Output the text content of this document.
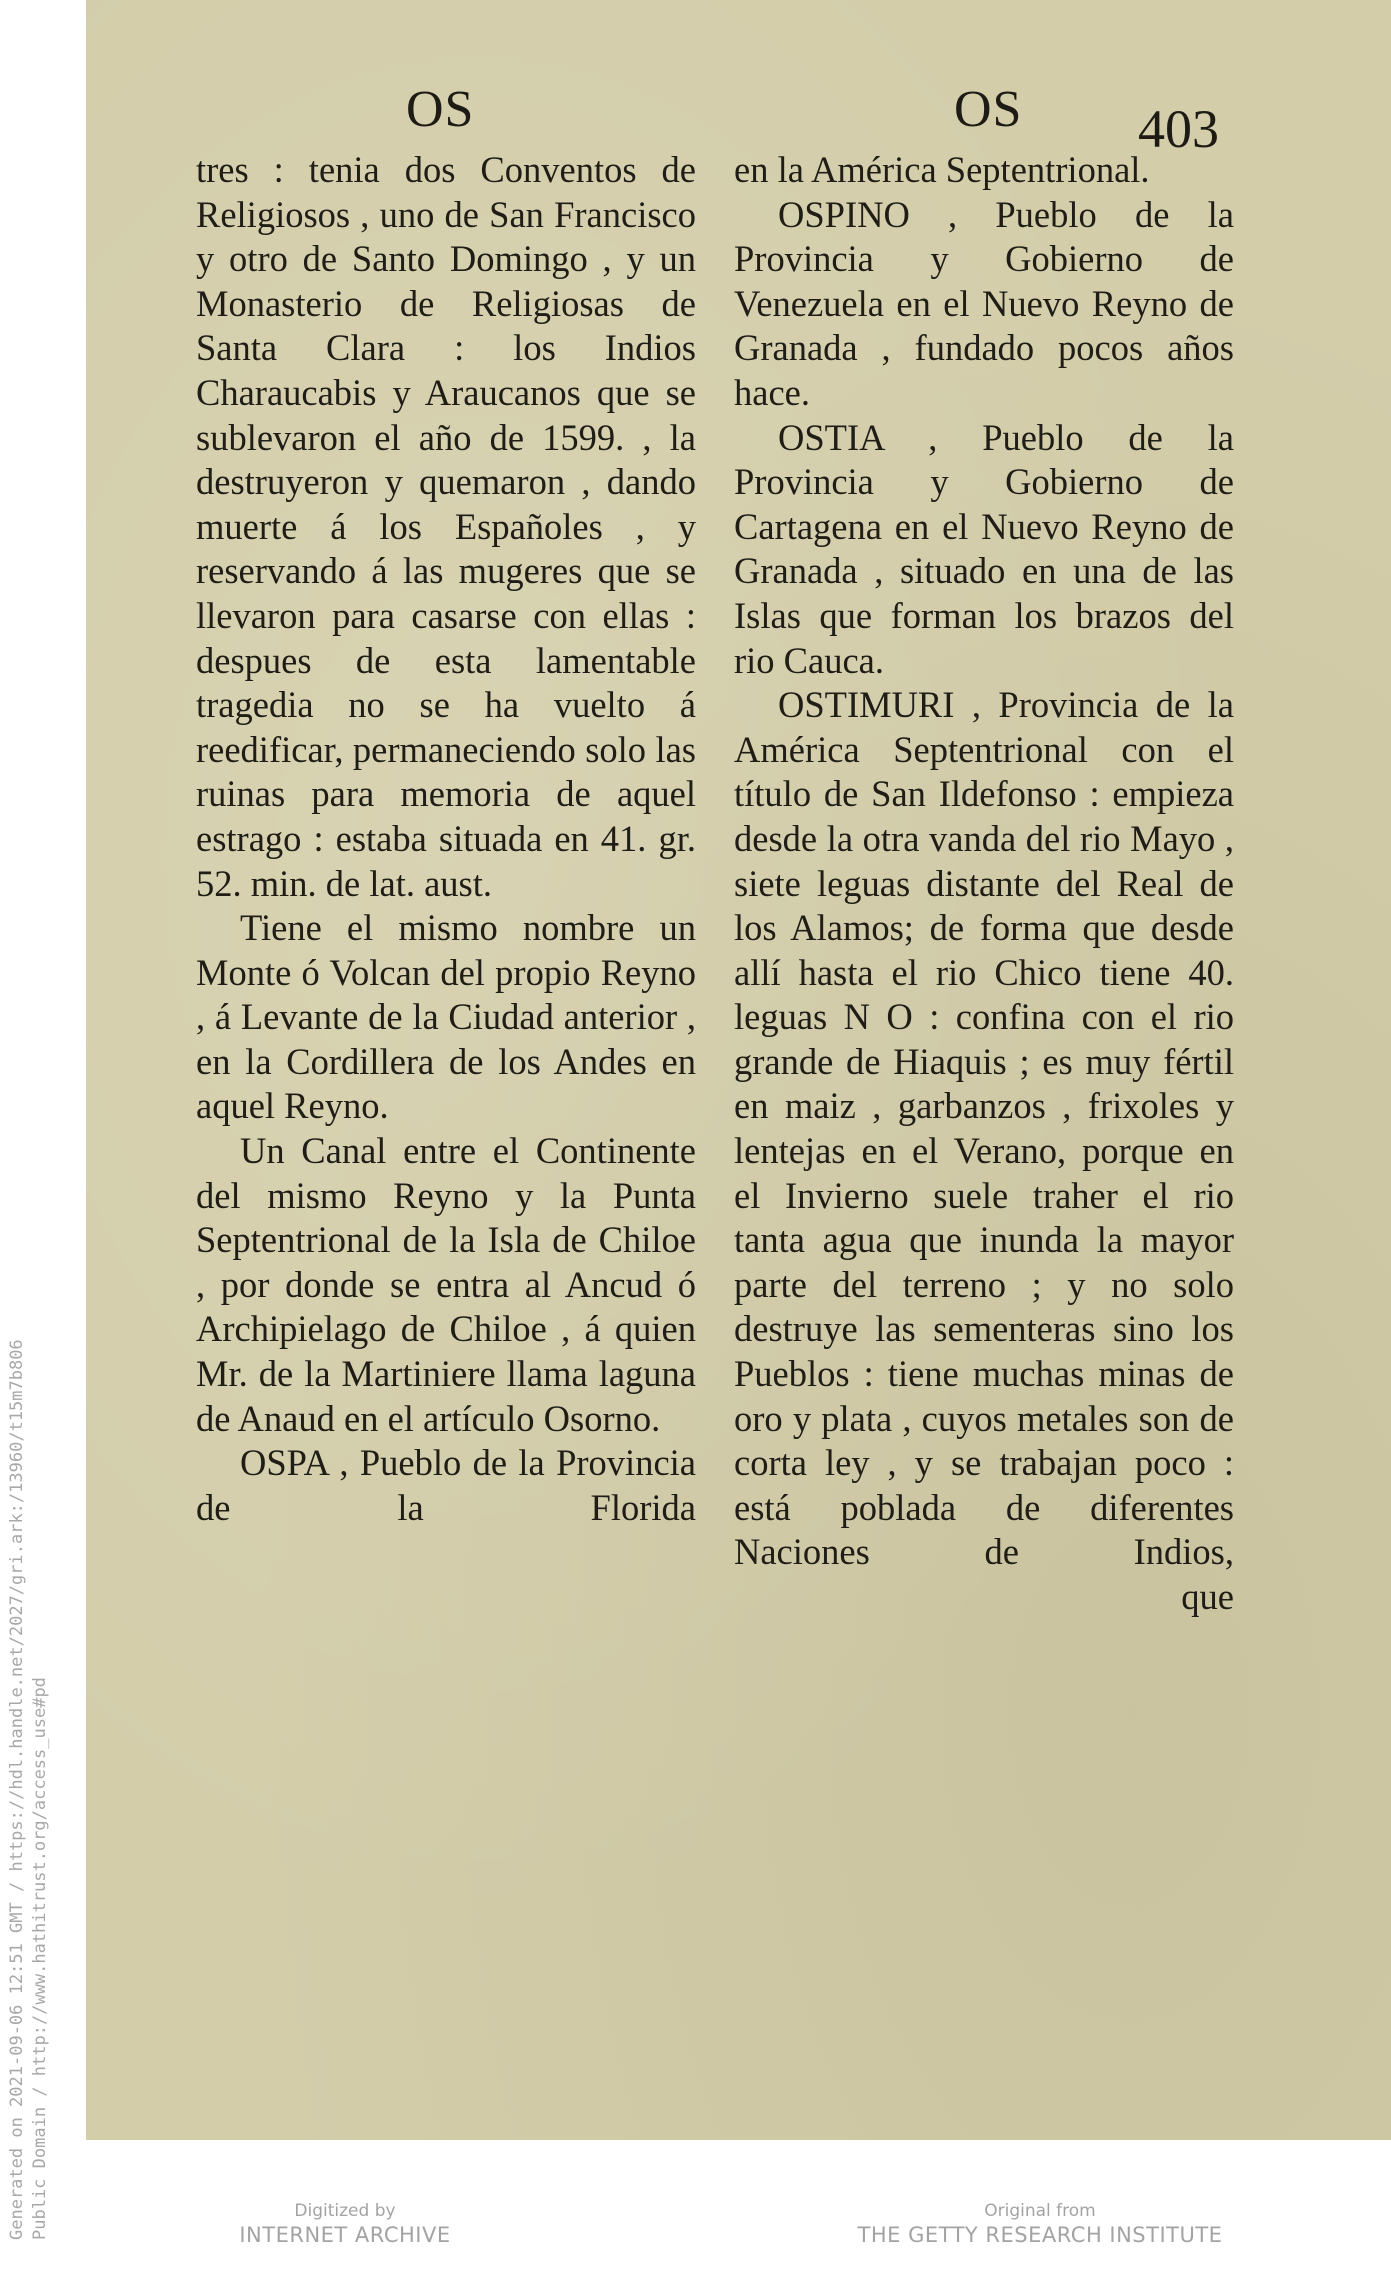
Generated on 2021-09-06 12:51 GMT / https://hdl.handle.net/2027/gri.ark:/13960/t15m7b806 Public Domain / http://www.hathitrust.org/access_use#pd
OS	OS 403

tres : tenia dos Conventos de Religiosos , uno de San Francisco y otro de Santo Domingo , y un Monasterio de Religiosas de Santa Clara : los Indios Charaucabis y Araucanos que se sublevaron el año de 1599. , la destruyeron y quemaron , dando muerte á los Españoles , y reservando á las mugeres que se llevaron para casarse con ellas : despues de esta lamentable tragedia no se ha vuelto á reedificar, permaneciendo solo las ruinas para memoria de aquel estrago : estaba situada en 41. gr. 52. min. de lat. aust.

Tiene el mismo nombre un Monte ó Volcan del propio Reyno , á Levante de la Ciudad anterior , en la Cordillera de los Andes en aquel Reyno.

Un Canal entre el Continente del mismo Reyno y la Punta Septentrional de la Isla de Chiloe , por donde se entra al Ancud ó Archipielago de Chiloe , á quien Mr. de la Martiniere llama laguna de Anaud en el artículo Osorno.

OSPA , Pueblo de la Provincia de la Florida

en la América Septentrional.

OSPINO , Pueblo de la Provincia y Gobierno de Venezuela en el Nuevo Reyno de Granada , fundado pocos años hace.

OSTIA , Pueblo de la Provincia y Gobierno de Cartagena en el Nuevo Reyno de Granada , situado en una de las Islas que forman los brazos del rio Cauca.

OSTIMURI , Provincia de la América Septentrional con el título de San Ildefonso : empieza desde la otra vanda del rio Mayo , siete leguas distante del Real de los Alamos; de forma que desde allí hasta el rio Chico tiene 40. leguas N O : confina con el rio grande de Hiaquis ; es muy fértil en maiz , garbanzos , frixoles y lentejas en el Verano, porque en el Invierno suele traher el rio tanta agua que inunda la mayor parte del terreno ; y no solo destruye las sementeras sino los Pueblos : tiene muchas minas de oro y plata , cuyos metales son de corta ley , y se trabajan poco : está poblada de diferentes Naciones de Indios,

que

Digitized by
INTERNET ARCHIVE
Original from
THE GETTY RESEARCH INSTITUTE
